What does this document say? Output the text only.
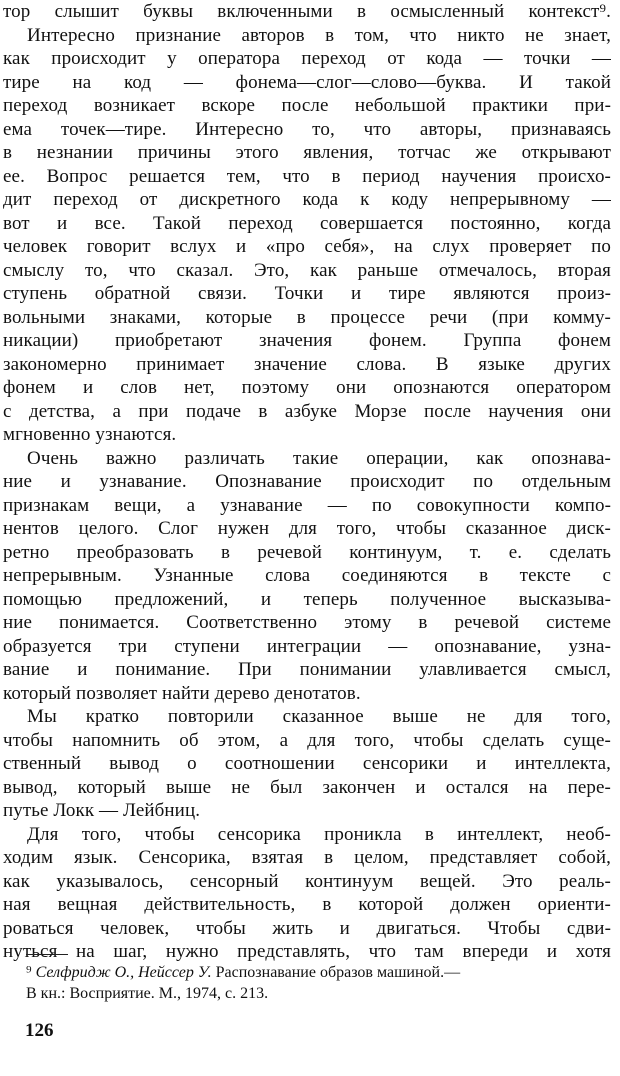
тор слышит буквы включенными в осмысленный контекст⁹.
Интересно признание авторов в том, что никто не знает,
как происходит у оператора переход от кода — точки —
тире на код — фонема—слог—слово—буква. И такой
переход возникает вскоре после небольшой практики при-
ема точек—тире. Интересно то, что авторы, признаваясь
в незнании причины этого явления, тотчас же открывают
ее. Вопрос решается тем, что в период научения происхо-
дит переход от дискретного кода к коду непрерывному —
вот и все. Такой переход совершается постоянно, когда
человек говорит вслух и «про себя», на слух проверяет по
смыслу то, что сказал. Это, как раньше отмечалось, вторая
ступень обратной связи. Точки и тире являются произ-
вольными знаками, которые в процессе речи (при комму-
никации) приобретают значения фонем. Группа фонем
закономерно принимает значение слова. В языке других
фонем и слов нет, поэтому они опознаются оператором
с детства, а при подаче в азбуке Морзе после научения они
мгновенно узнаются.
Очень важно различать такие операции, как опознава-
ние и узнавание. Опознавание происходит по отдельным
признакам вещи, а узнавание — по совокупности компо-
нентов целого. Слог нужен для того, чтобы сказанное диск-
ретно преобразовать в речевой континуум, т. е. сделать
непрерывным. Узнанные слова соединяются в тексте с
помощью предложений, и теперь полученное высказыва-
ние понимается. Соответственно этому в речевой системе
образуется три ступени интеграции — опознавание, узна-
вание и понимание. При понимании улавливается смысл,
который позволяет найти дерево денотатов.
Мы кратко повторили сказанное выше не для того,
чтобы напомнить об этом, а для того, чтобы сделать суще-
ственный вывод о соотношении сенсорики и интеллекта,
вывод, который выше не был закончен и остался на пере-
путье Локк — Лейбниц.
Для того, чтобы сенсорика проникла в интеллект, необ-
ходим язык. Сенсорика, взятая в целом, представляет собой,
как указывалось, сенсорный континуум вещей. Это реаль-
ная вещная действительность, в которой должен ориенти-
роваться человек, чтобы жить и двигаться. Чтобы сдви-
нуться на шаг, нужно представлять, что там впереди и хотя
⁹ Селфридж О., Нейссер У. Распознавание образов машиной.—
В кн.: Восприятие. М., 1974, с. 213.
126
